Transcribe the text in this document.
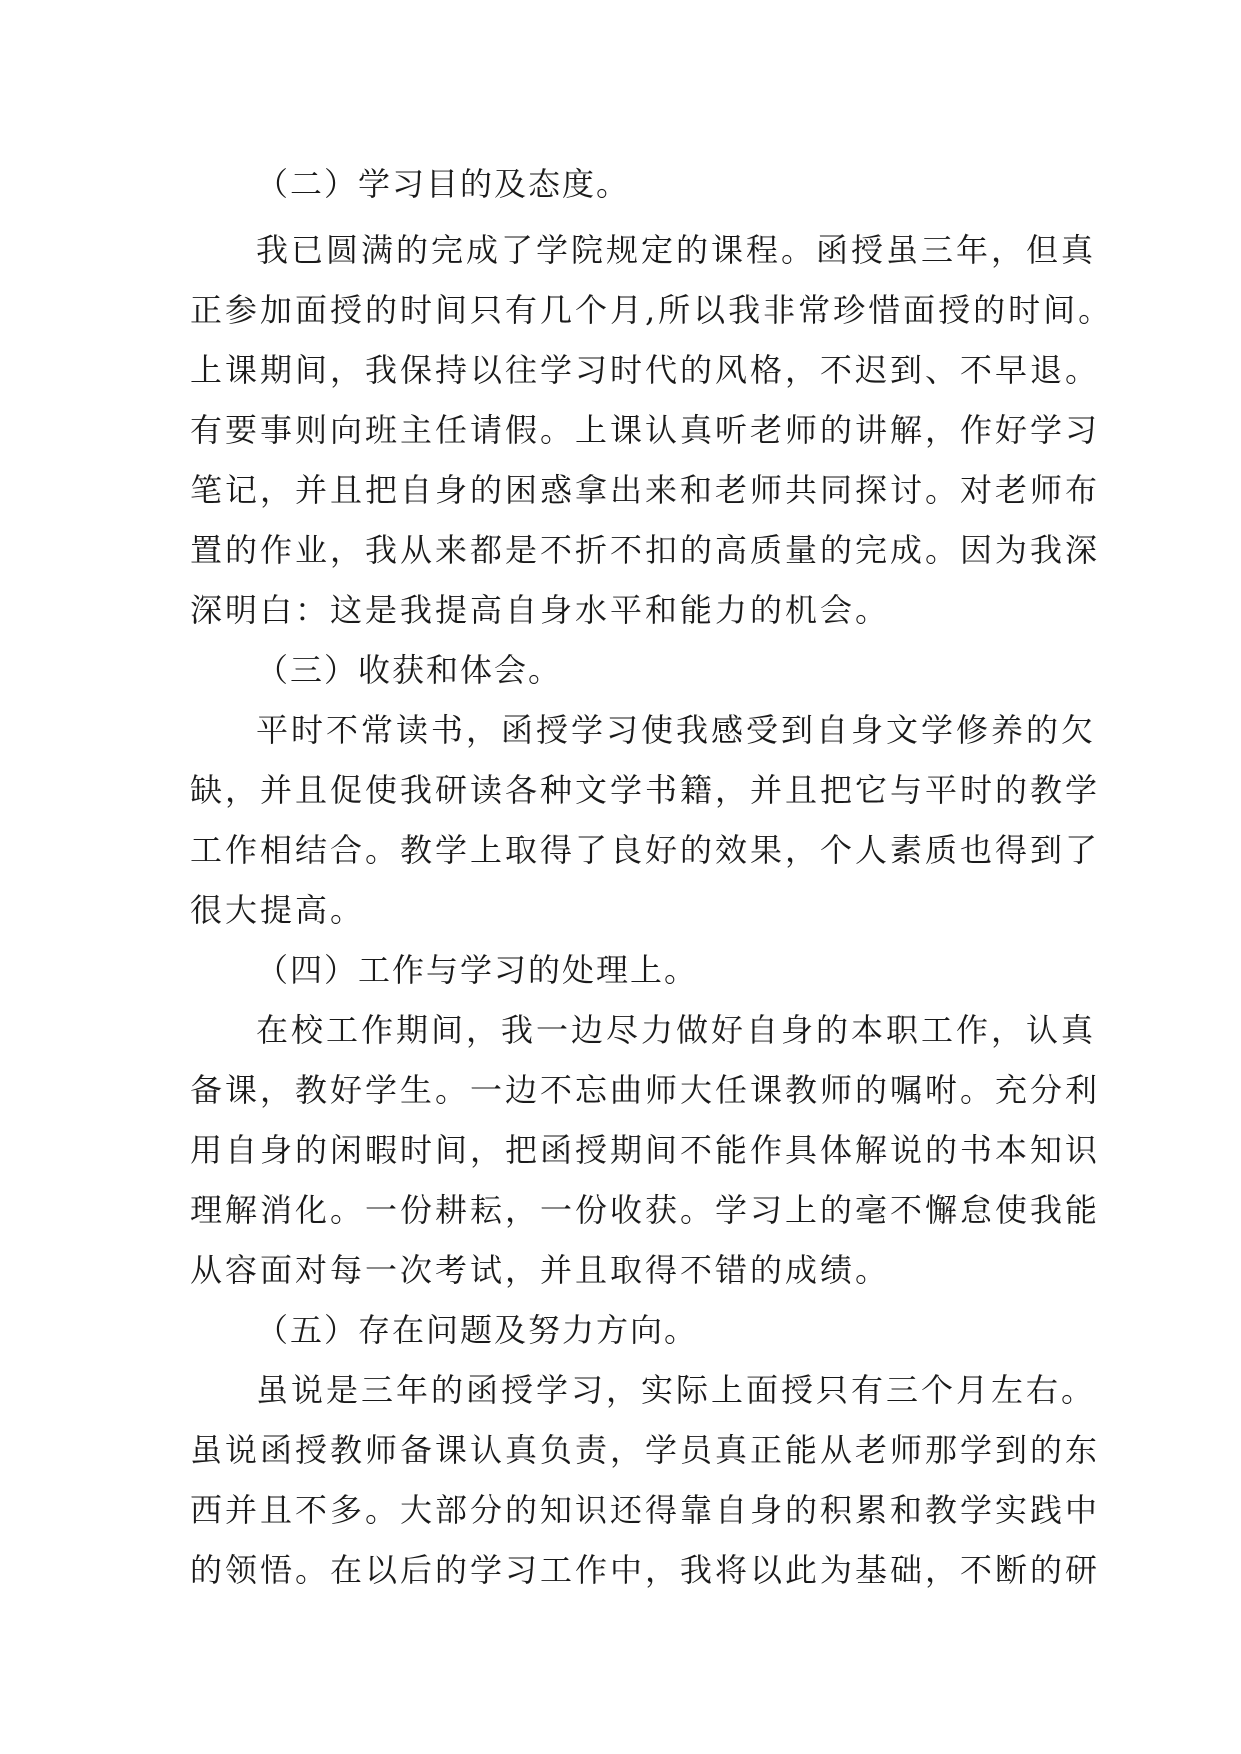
（二）学习目的及态度。
我已圆满的完成了学院规定的课程。函授虽三年，但真
正参加面授的时间只有几个月,所以我非常珍惜面授的时间。
上课期间，我保持以往学习时代的风格，不迟到、不早退。
有要事则向班主任请假。上课认真听老师的讲解，作好学习
笔记，并且把自身的困惑拿出来和老师共同探讨。对老师布
置的作业，我从来都是不折不扣的高质量的完成。因为我深
深明白：这是我提高自身水平和能力的机会。
（三）收获和体会。
平时不常读书，函授学习使我感受到自身文学修养的欠
缺，并且促使我研读各种文学书籍，并且把它与平时的教学
工作相结合。教学上取得了良好的效果，个人素质也得到了
很大提高。
（四）工作与学习的处理上。
在校工作期间，我一边尽力做好自身的本职工作，认真
备课，教好学生。一边不忘曲师大任课教师的嘱咐。充分利
用自身的闲暇时间，把函授期间不能作具体解说的书本知识
理解消化。一份耕耘，一份收获。学习上的毫不懈怠使我能
从容面对每一次考试，并且取得不错的成绩。
（五）存在问题及努力方向。
虽说是三年的函授学习，实际上面授只有三个月左右。
虽说函授教师备课认真负责，学员真正能从老师那学到的东
西并且不多。大部分的知识还得靠自身的积累和教学实践中
的领悟。在以后的学习工作中，我将以此为基础，不断的研
